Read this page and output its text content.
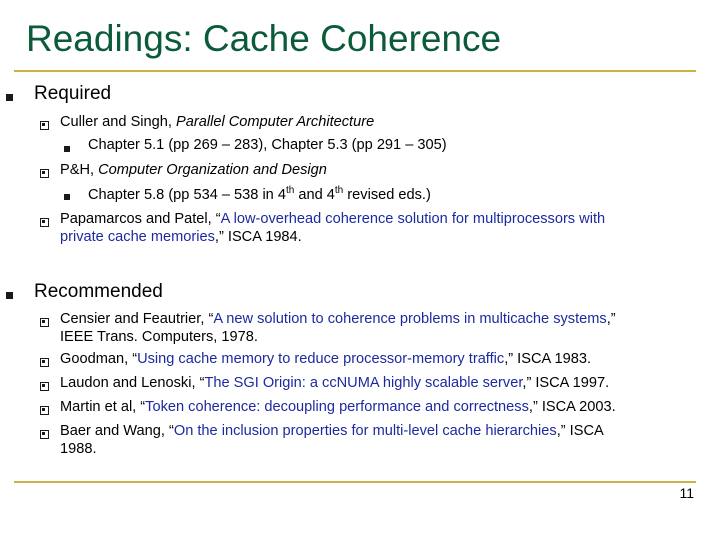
Readings: Cache Coherence
Required
Culler and Singh, Parallel Computer Architecture
Chapter 5.1 (pp 269 – 283), Chapter 5.3 (pp 291 – 305)
P&H, Computer Organization and Design
Chapter 5.8 (pp 534 – 538 in 4th and 4th revised eds.)
Papamarcos and Patel, “A low-overhead coherence solution for multiprocessors with
private cache memories,” ISCA 1984.
Recommended
Censier and Feautrier, “A new solution to coherence problems in multicache systems,”
IEEE Trans. Computers, 1978.
Goodman, “Using cache memory to reduce processor-memory traffic,” ISCA 1983.
Laudon and Lenoski, “The SGI Origin: a ccNUMA highly scalable server,” ISCA 1997.
Martin et al, “Token coherence: decoupling performance and correctness,” ISCA 2003.
Baer and Wang, “On the inclusion properties for multi-level cache hierarchies,” ISCA
1988.
11
